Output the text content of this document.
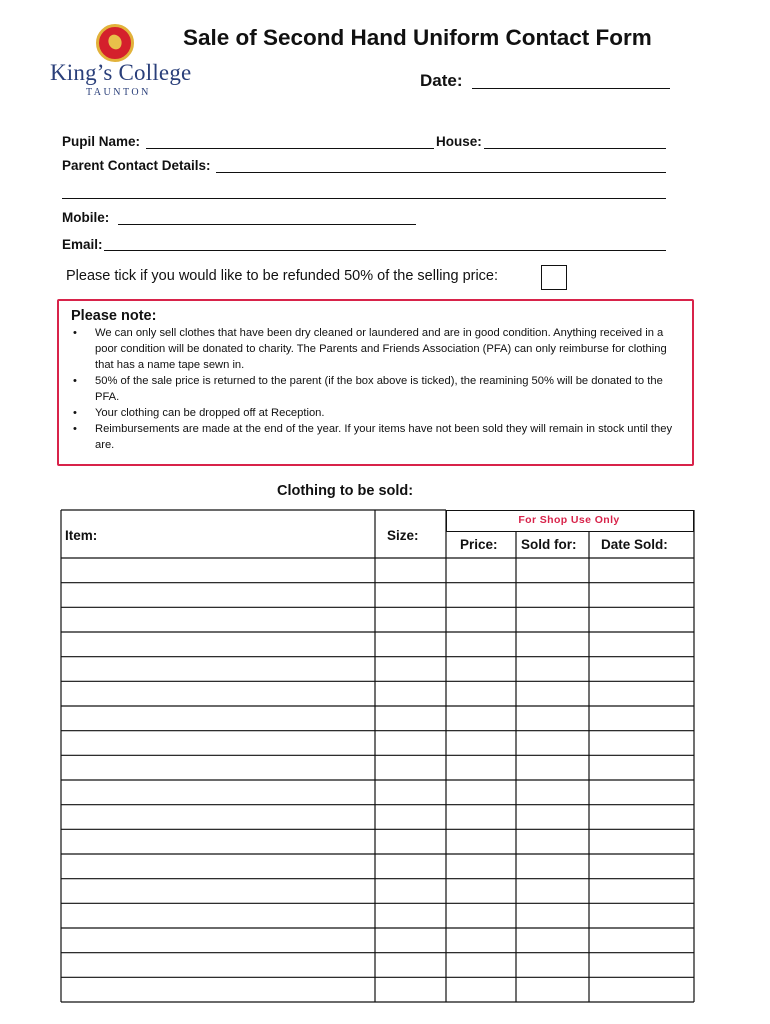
King’s College
TAUNTON
Sale of Second Hand Uniform Contact Form
Date:
Pupil Name:	House:
Parent Contact Details:
Mobile:
Email:
Please tick if you would like to be refunded 50% of the selling price:
Please note:
• We can only sell clothes that have been dry cleaned or laundered and are in good condition. Anything received in a poor condition will be donated to charity. The Parents and Friends Association (PFA) can only reimburse for clothing that has a name tape sewn in.
• 50% of the sale price is returned to the parent (if the box above is ticked), the reamining 50% will be donated to the PFA.
• Your clothing can be dropped off at Reception.
• Reimbursements are made at the end of the year. If your items have not been sold they will remain in stock until they are.
Clothing to be sold:
For Shop Use Only
Item:	Size:
Price: Sold for: Date Sold:
